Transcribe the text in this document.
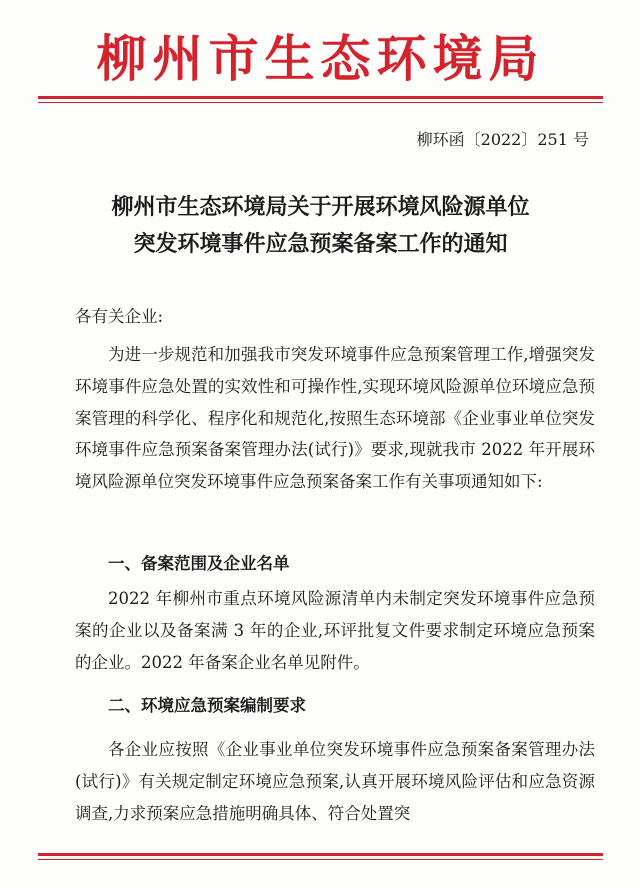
柳州市生态环境局
柳环函〔2022〕251 号
柳州市生态环境局关于开展环境风险源单位
突发环境事件应急预案备案工作的通知
各有关企业:
为进一步规范和加强我市突发环境事件应急预案管理工作,增强突发环境事件应急处置的实效性和可操作性,实现环境风险源单位环境应急预案管理的科学化、程序化和规范化,按照生态环境部《企业事业单位突发环境事件应急预案备案管理办法(试行)》要求,现就我市 2022 年开展环境风险源单位突发环境事件应急预案备案工作有关事项通知如下:
一、备案范围及企业名单
2022 年柳州市重点环境风险源清单内未制定突发环境事件应急预案的企业以及备案满 3 年的企业,环评批复文件要求制定环境应急预案的企业。2022 年备案企业名单见附件。
二、环境应急预案编制要求
各企业应按照《企业事业单位突发环境事件应急预案备案管理办法(试行)》有关规定制定环境应急预案,认真开展环境风险评估和应急资源调查,力求预案应急措施明确具体、符合处置突
